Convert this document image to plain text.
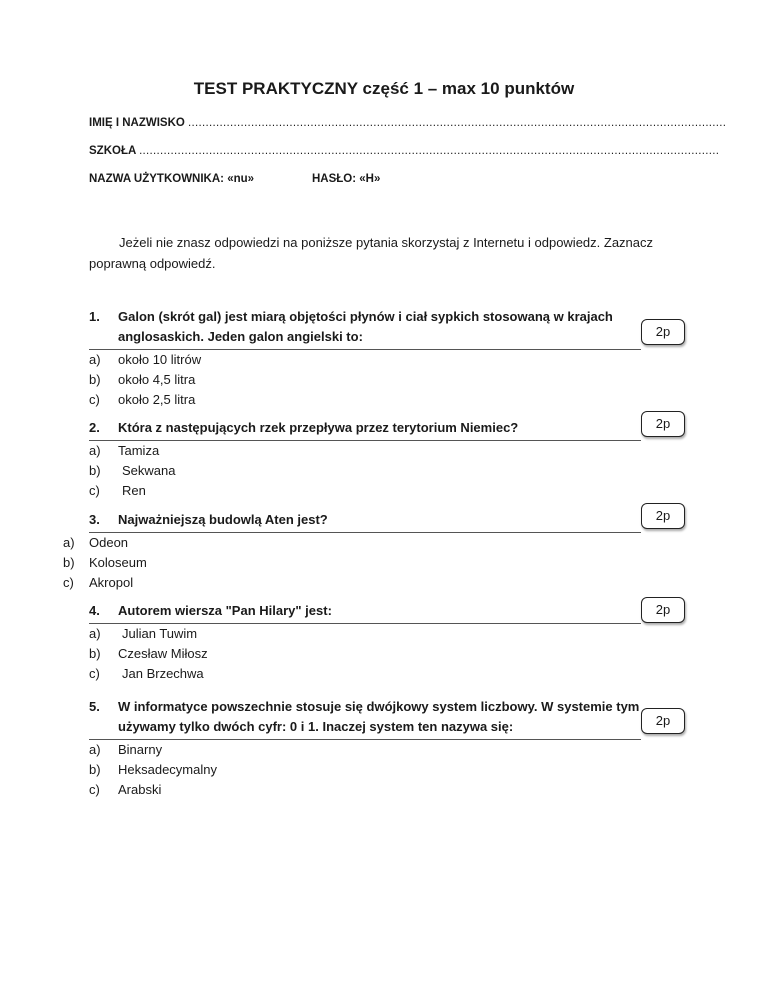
TEST PRAKTYCZNY część 1 – max 10 punktów
IMIĘ I NAZWISKO ..........................................................................................................................................................
SZKOŁA ......................................................................................................................................................................
NAZWA UŻYTKOWNIKA: «nu»	HASŁO: «H»
Jeżeli nie znasz odpowiedzi na poniższe pytania skorzystaj z Internetu i odpowiedz. Zaznacz poprawną odpowiedź.
1.	Galon (skrót gal) jest miarą objętości płynów i ciał sypkich stosowaną w krajach anglosaskich. Jeden galon angielski to:
a)	około 10 litrów
b)	około 4,5 litra
c)	około 2,5 litra
2p
2.	Która z następujących rzek przepływa przez terytorium Niemiec?
a)	Tamiza
b)	Sekwana
c)	Ren
2p
3.	Najważniejszą budowlą Aten jest?
a)	Odeon
b)	Koloseum
c)	Akropol
2p
4.	Autorem wiersza "Pan Hilary" jest:
a)	Julian Tuwim
b)	Czesław Miłosz
c)	Jan Brzechwa
2p
5.	W informatyce powszechnie stosuje się dwójkowy system liczbowy. W systemie tym używamy tylko dwóch cyfr: 0 i 1. Inaczej system ten nazywa się:
a)	Binarny
b)	Heksadecymalny
c)	Arabski
2p
